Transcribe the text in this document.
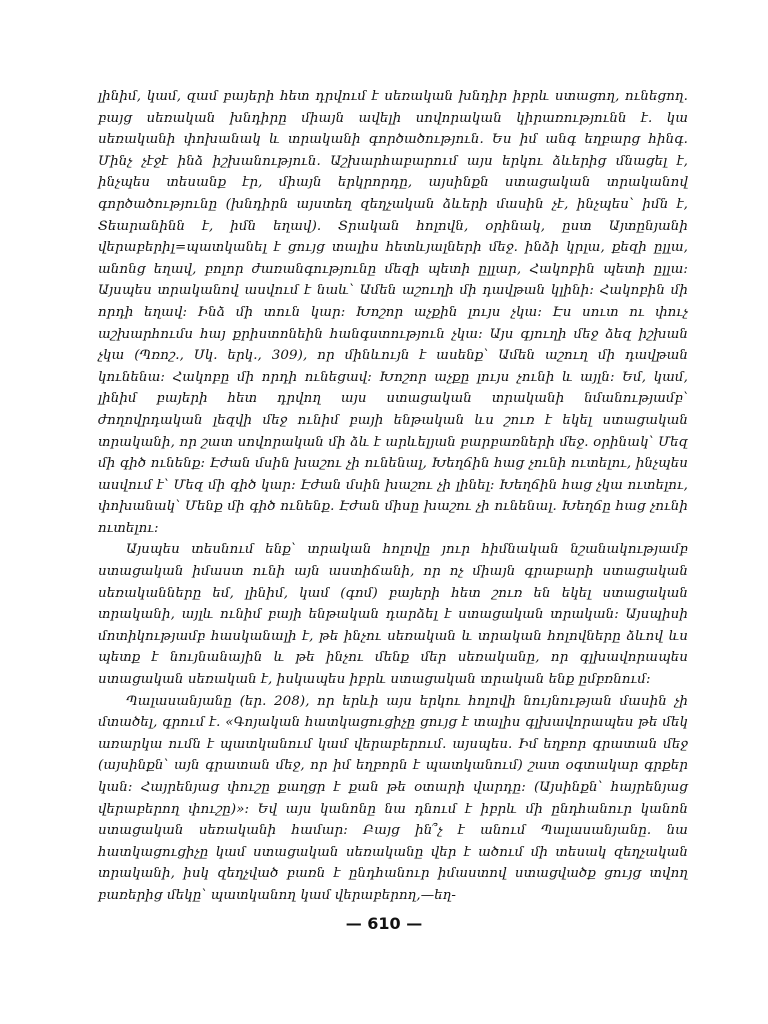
լինիմ, կամ, զամ բայերի հետ դրվում է սեռական խնդիր իբրև ստացող, ունեցող. բայց սեռական խնդիրը միայն ավելի սովորական կիրառությունն է. կա սեռականի փոխանակ և տրականի գործածություն. Ես իմ անգ եղբարց հինգ. Մինչ չէջէ ինձ իշխանություն. Աշխարհաբարում այս երկու ձևերից մնացել է, ինչպես տեսանք էր, միայն երկրորդը, այսինքն ստացական տրականով գործածությունը (խնդիրն այստեղ զեղչական ձևերի մասին չէ, ինչպես՝ իմն է, Տեարանինն է, իմն եղավ). Տրական հոլովն, օրինակ, ըստ Այտընյանի վերաբերիլ=պատկանել է ցույց տալիս հետևյալների մեջ. ինձի կրլա, քեզի ըլլա, անոնց եղավ, բոլոր ժառանգությունը մեզի պետի ըլլար, Հակոբին պետի ըլլա: Այսպես տրականով ասվում է նաև՝ Ամեն աշուղի մի դավթան կլինի: Հակոբին մի որդի եղավ: Ինձ մի տուն կար: Խոշոր աչքին լույս չկա: Էս սուտ ու փուչ աշխարհումս հայ քրիստոնեին հանգստություն չկա: Այս գյուղի մեջ ձեզ իշխան չկա (Պռոշ., Սկ. երկ., 309), որ մինևույն է ասենք՝ Ամեն աշուղ մի դավթան կունենա: Հակոբը մի որդի ունեցավ: Խոշոր աչքը լույս չունի և այլն: Եմ, կամ, լինիմ բայերի հետ դրվող այս ստացական տրականի նմանությամբ՝ ժողովրդական լեզվի մեջ ունիմ բայի ենթական ևս շուռ է եկել ստացական տրականի, որ շատ սովորական մի ձև է արևելյան բարբառների մեջ. օրինակ՝ Մեզ մի գիծ ունենք: Էժան մսին խաշու չի ունենալ, Խեղճին հաց չունի ուտելու, ինչպես ասվում է՝ Մեզ մի գիծ կար: Էժան մսին խաշու չի լինել: Խեղճին հաց չկա ուտելու, փոխանակ՝ Մենք մի գիծ ունենք. Էժան միսը խաշու չի ունենալ. Խեղճը հաց չունի ուտելու:

Այսպես տեսնում ենք՝ տրական հոլովը յուր հիմնական նշանակությամբ ստացական իմաստ ունի այն աստիճանի, որ ոչ միայն գրաբարի ստացական սեռականները եմ, լինիմ, կամ (գոմ) բայերի հետ շուռ են եկել ստացական տրականի, այլև ունիմ բայի ենթական դարձել է ստացական տրական: Այսպիսի մոտիկությամբ հասկանալի է, թե ինչու սեռական և տրական հոլովները ձևով ևս պետք է նույնանային և թե ինչու մենք մեր սեռականը, որ գլխավորապես ստացական սեռական է, իսկապես իբրև ստացական տրական ենք ըմբռնում:

Պալասանյանը (եր. 208), որ երևի այս երկու հոլովի նույնության մասին չի մտածել, գրում է. «Գոյական հատկացուցիչը ցույց է տալիս գլխավորապես թե մեկ առարկա ումն է պատկանում կամ վերաբերում. այսպես. Իմ եղբոր գրատան մեջ (այսինքն՝ այն գրատան մեջ, որ իմ եղբորն է պատկանում) շատ օգտակար գրքեր կան: Հայրենյաց փուշը քաղցր է քան թե օտարի վարդը: (Այսինքն՝ հայրենյաց վերաբերող փուշը)»: Եվ այս կանոնը նա դնում է իբրև մի ընդհանուր կանոն ստացական սեռականի համար: Բայց ին՞չ է անում Պալասանյանը. նա հատկացուցիչը կամ ստացական սեռականը վեր է ածում մի տեսակ զեղչական տրականի, իսկ զեղչված բառն է ընդհանուր իմաստով ստացվածք ցույց տվող բառերից մեկը՝ պատկանող կամ վերաբերող,—եղ-

— 610 —
